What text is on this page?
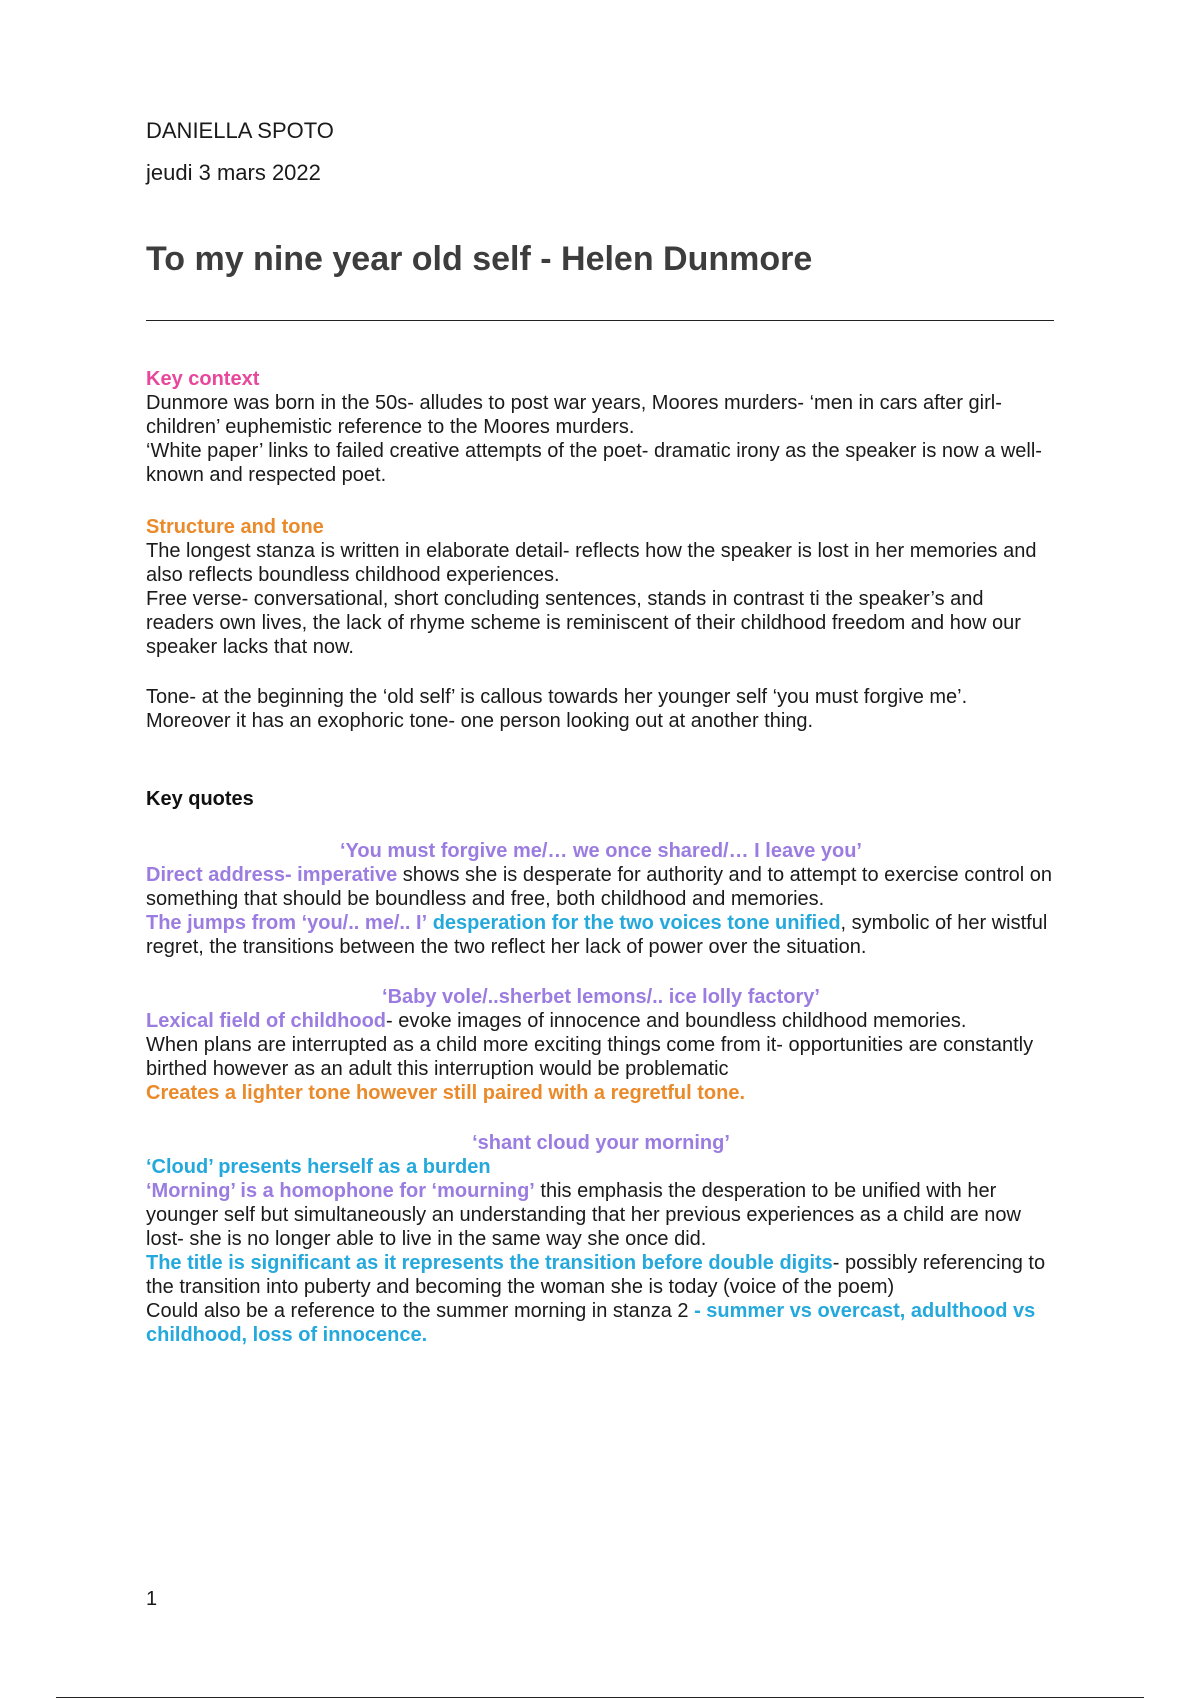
DANIELLA SPOTO
jeudi 3 mars 2022
To my nine year old self - Helen Dunmore

Key context

Dunmore was born in the 50s- alludes to post war years, Moores murders- ‘men in cars after girl-children’ euphemistic reference to the Moores murders.

‘White paper’ links to failed creative attempts of the poet- dramatic irony as the speaker is now a well-known and respected poet.

Structure and tone

The longest stanza is written in elaborate detail- reflects how the speaker is lost in her memories and also reflects boundless childhood experiences.

Free verse- conversational, short concluding sentences, stands in contrast ti the speaker’s and readers own lives, the lack of rhyme scheme is reminiscent of their childhood freedom and how our speaker lacks that now.

Tone- at the beginning the ‘old self’ is callous towards her younger self ‘you must forgive me’. Moreover it has an exophoric tone- one person looking out at another thing.

Key quotes

‘You must forgive me/… we once shared/… I leave you’

Direct address- imperative shows she is desperate for authority and to attempt to exercise control on something that should be boundless and free, both childhood and memories.

The jumps from ‘you/.. me/.. I’ desperation for the two voices tone unified, symbolic of her wistful regret, the transitions between the two reflect her lack of power over the situation.

‘Baby vole/..sherbet lemons/.. ice lolly factory’

Lexical field of childhood- evoke images of innocence and boundless childhood memories.

When plans are interrupted as a child more exciting things come from it- opportunities are constantly birthed however as an adult this interruption would be problematic

Creates a lighter tone however still paired with a regretful tone.

‘shant cloud your morning’

‘Cloud’ presents herself as a burden

‘Morning’ is a homophone for ‘mourning’ this emphasis the desperation to be unified with her younger self but simultaneously an understanding that her previous experiences as a child are now lost- she is no longer able to live in the same way she once did.

The title is significant as it represents the transition before double digits- possibly referencing to the transition into puberty and becoming the woman she is today (voice of the poem)

Could also be a reference to the summer morning in stanza 2 - summer vs overcast, adulthood vs childhood, loss of innocence.

1
